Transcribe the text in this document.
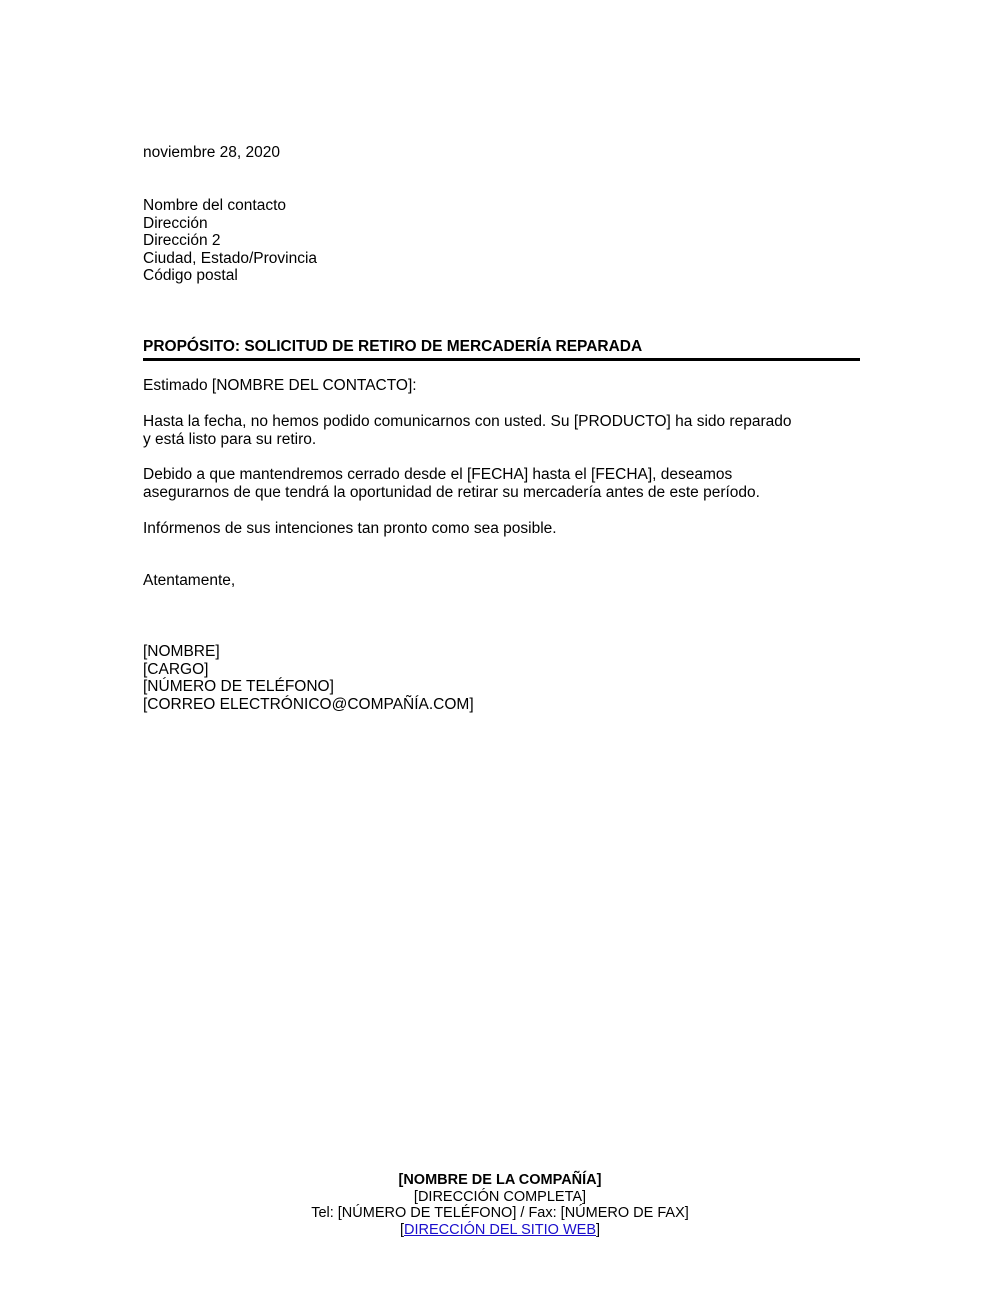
noviembre 28, 2020
Nombre del contacto
Dirección
Dirección 2
Ciudad, Estado/Provincia
Código postal
PROPÓSITO: SOLICITUD DE RETIRO DE MERCADERÍA REPARADA
Estimado [NOMBRE DEL CONTACTO]:
Hasta la fecha, no hemos podido comunicarnos con usted. Su [PRODUCTO] ha sido reparado
y está listo para su retiro.
Debido a que mantendremos cerrado desde el [FECHA] hasta el [FECHA], deseamos
asegurarnos de que tendrá la oportunidad de retirar su mercadería antes de este período.
Infórmenos de sus intenciones tan pronto como sea posible.
Atentamente,
[NOMBRE]
[CARGO]
[NÚMERO DE TELÉFONO]
[CORREO ELECTRÓNICO@COMPAÑÍA.COM]
[NOMBRE DE LA COMPAÑÍA]
[DIRECCIÓN COMPLETA]
Tel: [NÚMERO DE TELÉFONO] / Fax: [NÚMERO DE FAX]
[DIRECCIÓN DEL SITIO WEB]
